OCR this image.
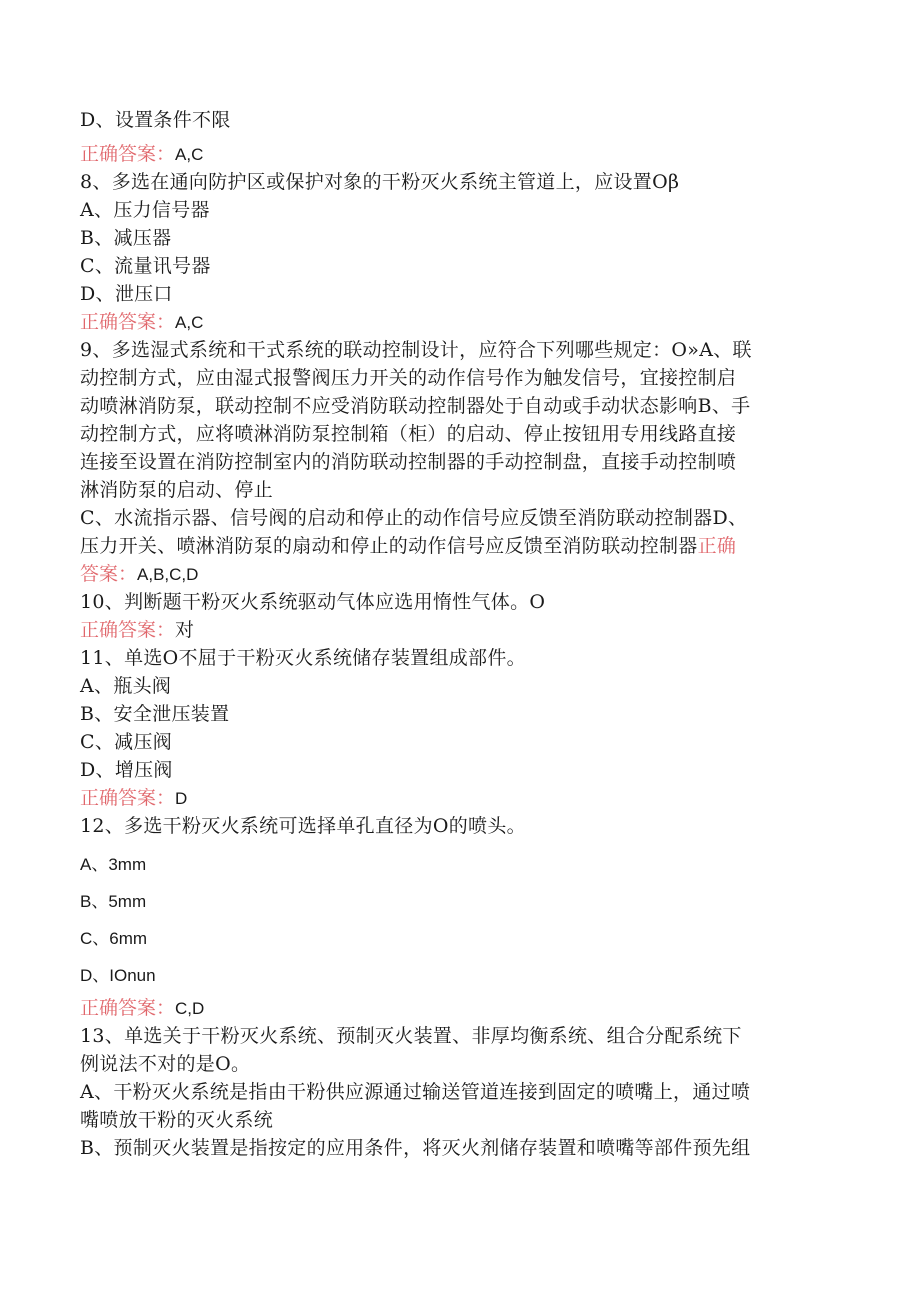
D、设置条件不限
正确答案：A,C
8、多选在通向防护区或保护对象的干粉灭火系统主管道上，应设置Oβ
A、压力信号器
B、减压器
C、流量讯号器
D、泄压口
正确答案：A,C
9、多选湿式系统和干式系统的联动控制设计，应符合下列哪些规定：O»A、联
动控制方式，应由湿式报警阀压力开关的动作信号作为触发信号，宜接控制启
动喷淋消防泵，联动控制不应受消防联动控制器处于自动或手动状态影响B、手
动控制方式，应将喷淋消防泵控制箱（柜）的启动、停止按钮用专用线路直接
连接至设置在消防控制室内的消防联动控制器的手动控制盘，直接手动控制喷
淋消防泵的启动、停止
C、水流指示器、信号阀的启动和停止的动作信号应反馈至消防联动控制器D、
压力开关、喷淋消防泵的扇动和停止的动作信号应反馈至消防联动控制器正确
答案：A,B,C,D
10、判断题干粉灭火系统驱动气体应选用惰性气体。O
正确答案：对
11、单选O不屈于干粉灭火系统储存装置组成部件。
A、瓶头阀
B、安全泄压装置
C、减压阀
D、增压阀
正确答案：D
12、多选干粉灭火系统可选择单孔直径为O的喷头。
A、3mm
B、5mm
C、6mm
D、IOnun
正确答案：C,D
13、单选关于干粉灭火系统、预制灭火装置、非厚均衡系统、组合分配系统下
例说法不对的是O。
A、干粉灭火系统是指由干粉供应源通过输送管道连接到固定的喷嘴上，通过喷
嘴喷放干粉的灭火系统
B、预制灭火装置是指按定的应用条件，将灭火剂储存装置和喷嘴等部件预先组
